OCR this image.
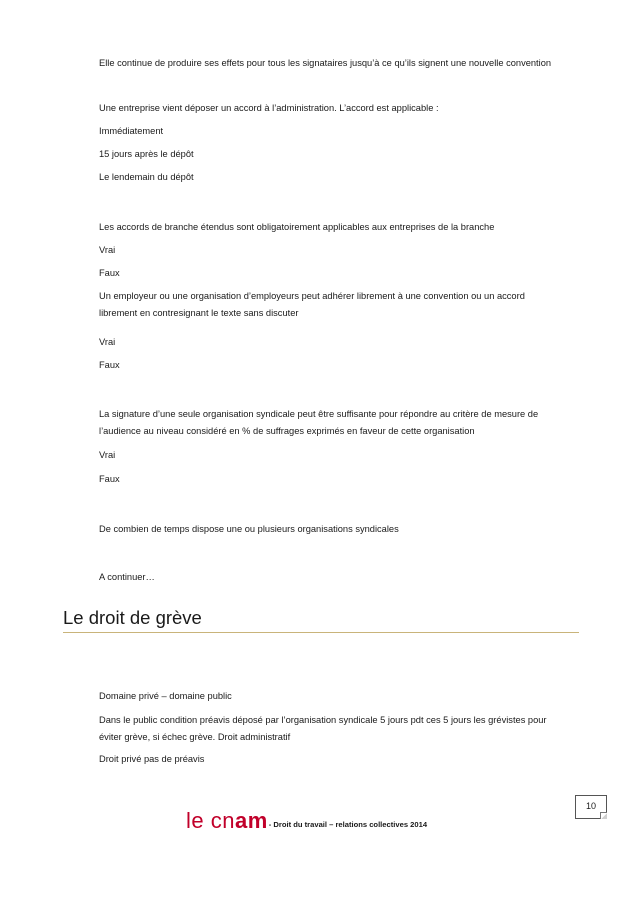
Elle continue de produire ses effets pour tous les signataires jusqu’à ce qu’ils signent une nouvelle convention
Une entreprise vient déposer un accord à l’administration. L’accord est applicable :
Immédiatement
15 jours après le dépôt
Le lendemain du dépôt
Les accords de branche étendus sont obligatoirement applicables aux entreprises de la branche
Vrai
Faux
Un employeur ou une organisation d’employeurs peut adhérer librement à une convention ou un accord librement en contresignant le texte sans discuter
Vrai
Faux
La signature d’une seule organisation syndicale peut être suffisante pour répondre au critère de mesure de l’audience au niveau considéré en % de suffrages exprimés en faveur de cette organisation
Vrai
Faux
De combien de temps dispose une ou plusieurs organisations syndicales
A continuer…
Le droit de grève
Domaine privé – domaine public
Dans le public condition préavis déposé par l’organisation syndicale 5 jours pdt ces 5 jours les grévistes pour éviter grève, si échec grève. Droit administratif
Droit privé pas de préavis
10
le cnam - Droit du travail – relations collectives 2014
